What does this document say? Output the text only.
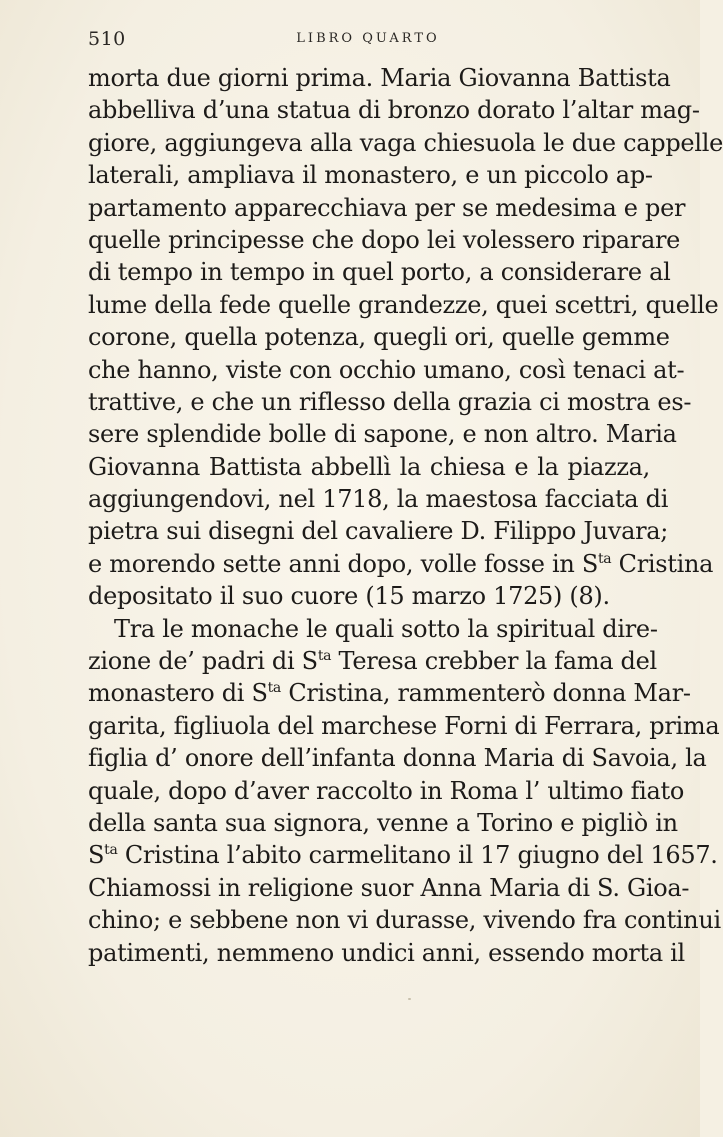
510	LIBRO QUARTO
morta due giorni prima. Maria Giovanna Battista
abbelliva d’una statua di bronzo dorato l’altar mag-
giore, aggiungeva alla vaga chiesuola le due cappelle
laterali, ampliava il monastero, e un piccolo ap-
partamento apparecchiava per se medesima e per
quelle principesse che dopo lei volessero riparare
di tempo in tempo in quel porto, a considerare al
lume della fede quelle grandezze, quei scettri, quelle
corone, quella potenza, quegli ori, quelle gemme
che hanno, viste con occhio umano, così tenaci at-
trattive, e che un riflesso della grazia ci mostra es-
sere splendide bolle di sapone, e non altro. Maria
Giovanna Battista abbellì la chiesa e la piazza,
aggiungendovi, nel 1718, la maestosa facciata di
pietra sui disegni del cavaliere D. Filippo Juvara;
e morendo sette anni dopo, volle fosse in $S^{ta}$ Cristina
depositato il suo cuore (15 marzo 1725) (8).
Tra le monache le quali sotto la spiritual dire-
zione de’ padri di $S^{ta}$ Teresa crebber la fama del
monastero di $S^{ta}$ Cristina, rammenterò donna Mar-
garita, figliuola del marchese Forni di Ferrara, prima
figlia d’ onore dell’infanta donna Maria di Savoia, la
quale, dopo d’aver raccolto in Roma l’ ultimo fiato
della santa sua signora, venne a Torino e pigliò in
$S^{ta}$ Cristina l’abito carmelitano il 17 giugno del 1657.
Chiamossi in religione suor Anna Maria di S. Gioa-
chino; e sebbene non vi durasse, vivendo fra continui
patimenti, nemmeno undici anni, essendo morta il
